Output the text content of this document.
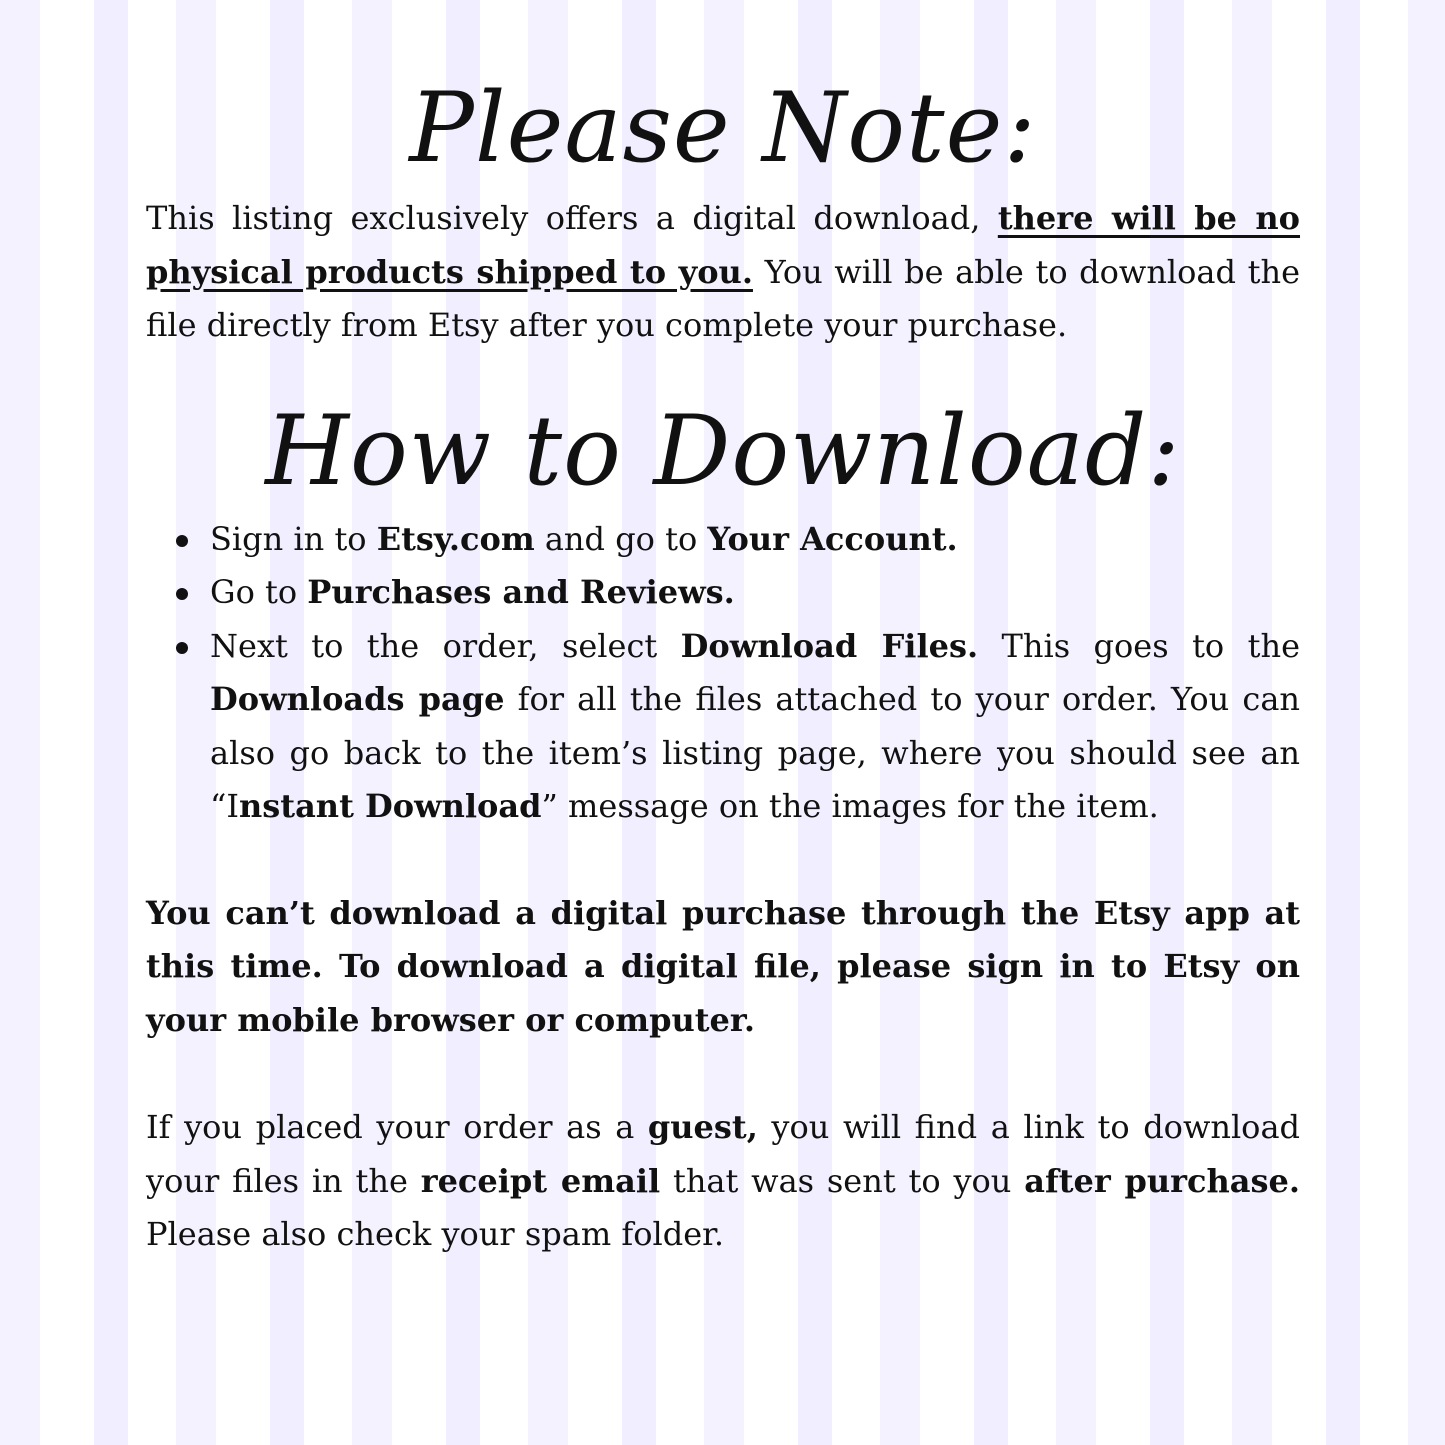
Please Note:

This listing exclusively offers a digital download, there will be no physical products shipped to you. You will be able to download the file directly from Etsy after you complete your purchase.

How to Download:
Sign in to Etsy.com and go to Your Account.
Go to Purchases and Reviews.
Next to the order, select Download Files. This goes to the Downloads page for all the files attached to your order. You can also go back to the item’s listing page, where you should see an “Instant Download” message on the images for the item.

You can’t download a digital purchase through the Etsy app at this time. To download a digital file, please sign in to Etsy on your mobile browser or computer.

If you placed your order as a guest, you will find a link to download your files in the receipt email that was sent to you after purchase. Please also check your spam folder.
